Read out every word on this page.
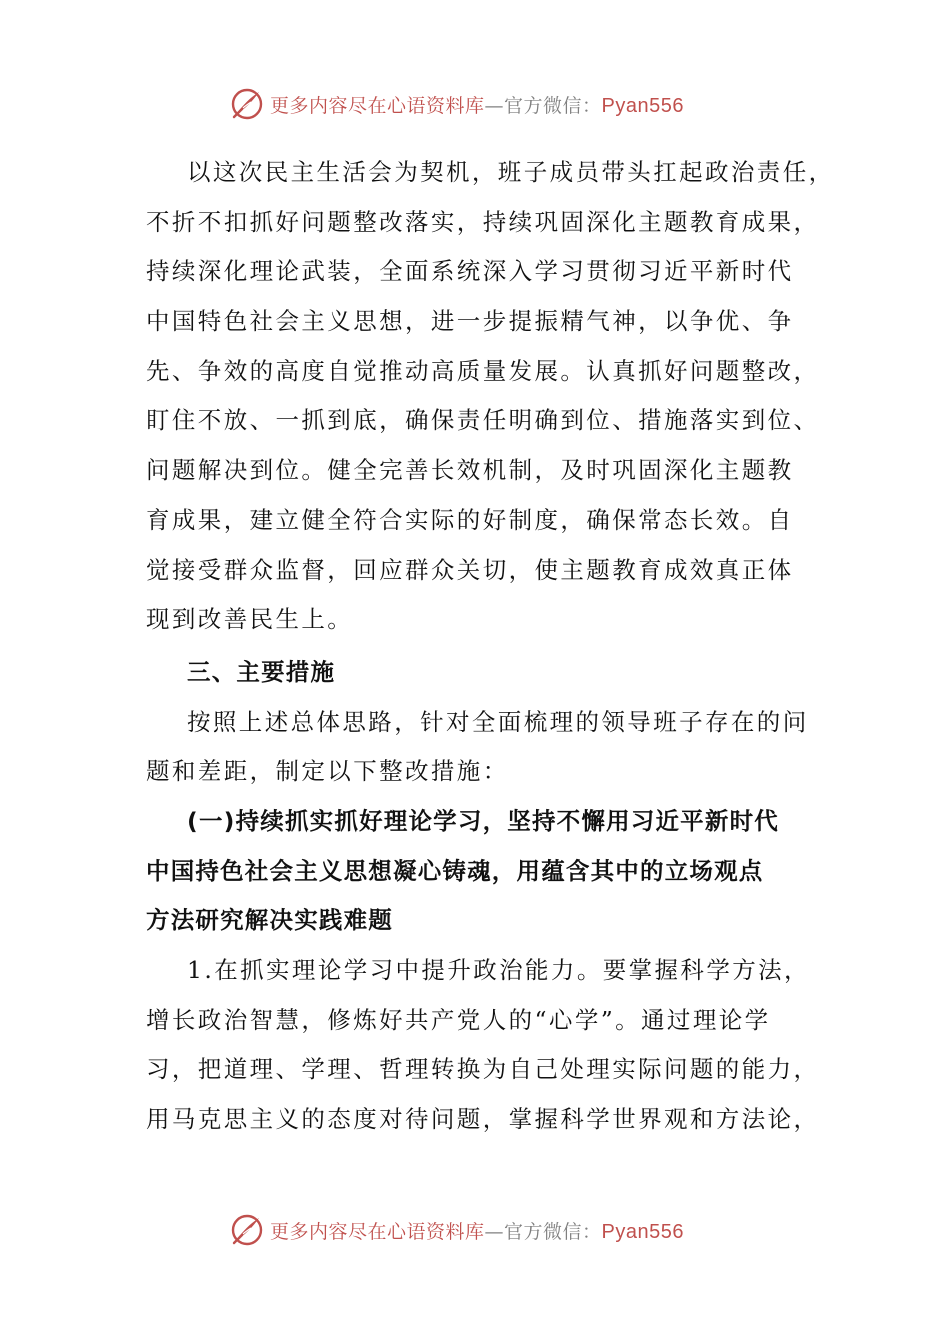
更多内容尽在心语资料库—官方微信：Pyan556
以这次民主生活会为契机，班子成员带头扛起政治责任，
不折不扣抓好问题整改落实，持续巩固深化主题教育成果，
持续深化理论武装，全面系统深入学习贯彻习近平新时代
中国特色社会主义思想，进一步提振精气神，以争优、争
先、争效的高度自觉推动高质量发展。认真抓好问题整改，
盯住不放、一抓到底，确保责任明确到位、措施落实到位、
问题解决到位。健全完善长效机制，及时巩固深化主题教
育成果，建立健全符合实际的好制度，确保常态长效。自
觉接受群众监督，回应群众关切，使主题教育成效真正体
现到改善民生上。
三、主要措施
按照上述总体思路，针对全面梳理的领导班子存在的问
题和差距，制定以下整改措施：
(一)持续抓实抓好理论学习，坚持不懈用习近平新时代
中国持色社会主义思想凝心铸魂，用蕴含其中的立场观点
方法研究解决实践难题
1.在抓实理论学习中提升政治能力。要掌握科学方法，
增长政治智慧，修炼好共产党人的“心学”。通过理论学
习，把道理、学理、哲理转换为自己处理实际问题的能力，
用马克思主义的态度对待问题，掌握科学世界观和方法论，
更多内容尽在心语资料库—官方微信：Pyan556
